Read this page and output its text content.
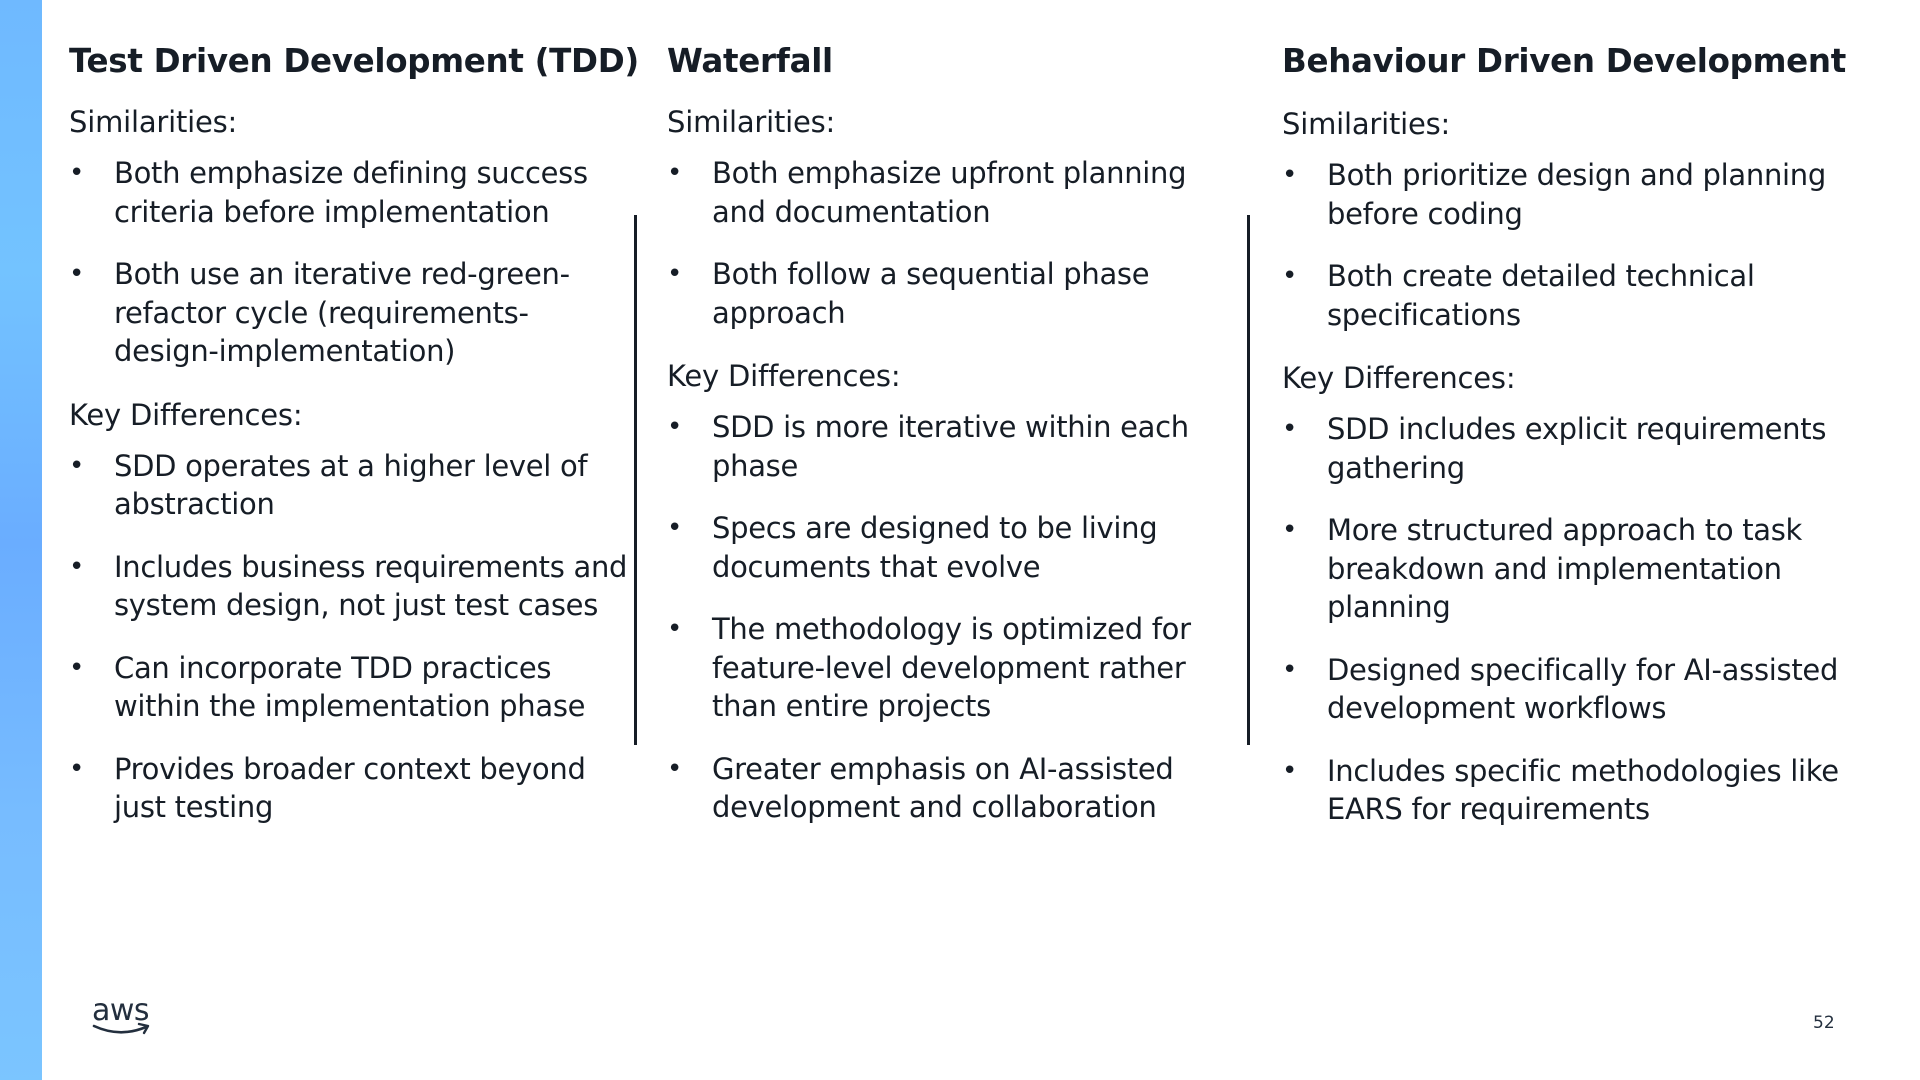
Test Driven Development (TDD)
Similarities:
• Both emphasize defining success criteria before implementation
• Both use an iterative red-green-refactor cycle (requirements-design-implementation)
Key Differences:
• SDD operates at a higher level of abstraction
• Includes business requirements and system design, not just test cases
• Can incorporate TDD practices within the implementation phase
• Provides broader context beyond just testing
Waterfall
Similarities:
• Both emphasize upfront planning and documentation
• Both follow a sequential phase approach
Key Differences:
• SDD is more iterative within each phase
• Specs are designed to be living documents that evolve
• The methodology is optimized for feature-level development rather than entire projects
• Greater emphasis on AI-assisted development and collaboration
Behaviour Driven Development
Similarities:
• Both prioritize design and planning before coding
• Both create detailed technical specifications
Key Differences:
• SDD includes explicit requirements gathering
• More structured approach to task breakdown and implementation planning
• Designed specifically for AI-assisted development workflows
• Includes specific methodologies like EARS for requirements
aws	52
